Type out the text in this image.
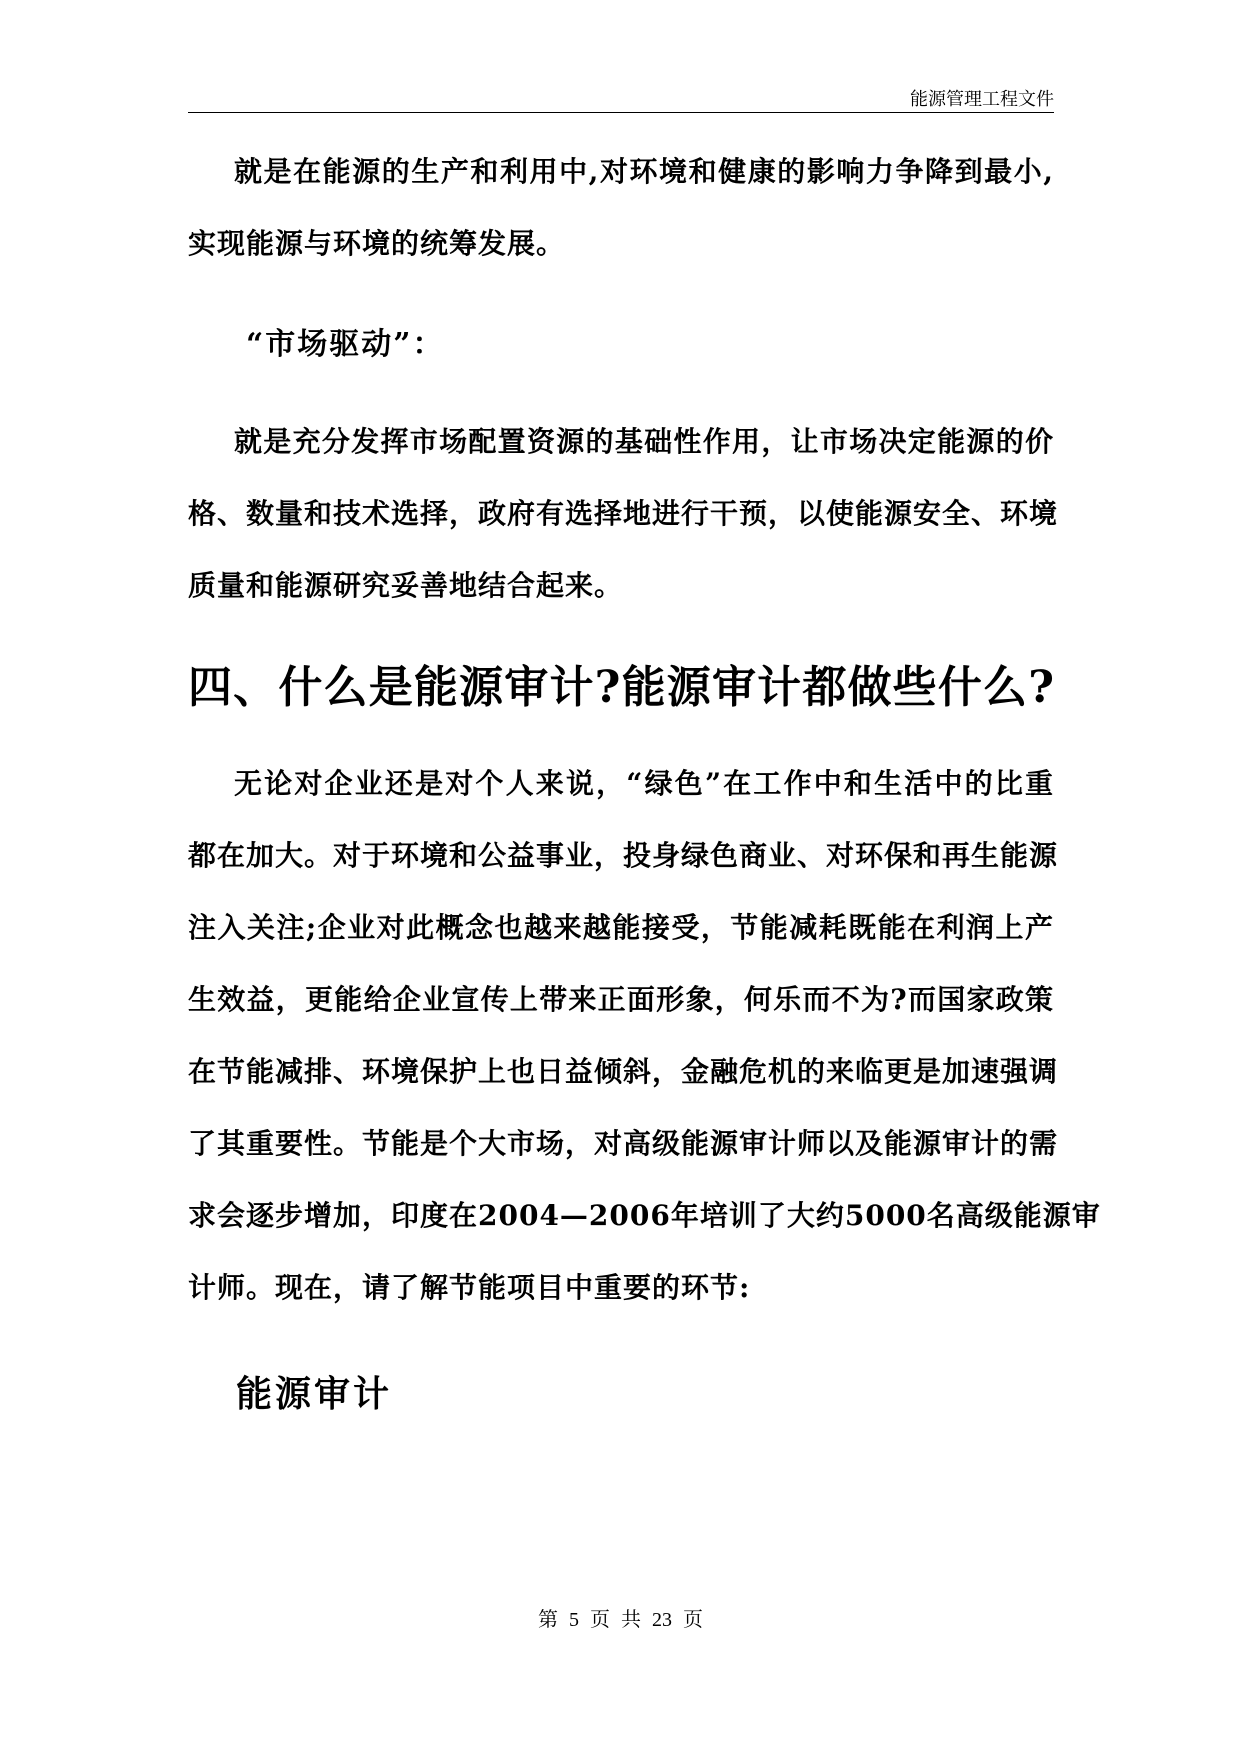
能源管理工程文件
就是在能源的生产和利用中,对环境和健康的影响力争降到最小,
实现能源与环境的统筹发展。
“市场驱动”：
就是充分发挥市场配置资源的基础性作用，让市场决定能源的价
格、数量和技术选择，政府有选择地进行干预，以使能源安全、环境
质量和能源研究妥善地结合起来。
四、什么是能源审计?能源审计都做些什么?
无论对企业还是对个人来说，“绿色”在工作中和生活中的比重
都在加大。对于环境和公益事业，投身绿色商业、对环保和再生能源
注入关注;企业对此概念也越来越能接受，节能减耗既能在利润上产
生效益，更能给企业宣传上带来正面形象，何乐而不为?而国家政策
在节能减排、环境保护上也日益倾斜，金融危机的来临更是加速强调
了其重要性。节能是个大市场，对高级能源审计师以及能源审计的需
求会逐步增加，印度在2004—2006年培训了大约5000名高级能源审
计师。现在，请了解节能项目中重要的环节:
能源审计
第 5 页 共 23 页
